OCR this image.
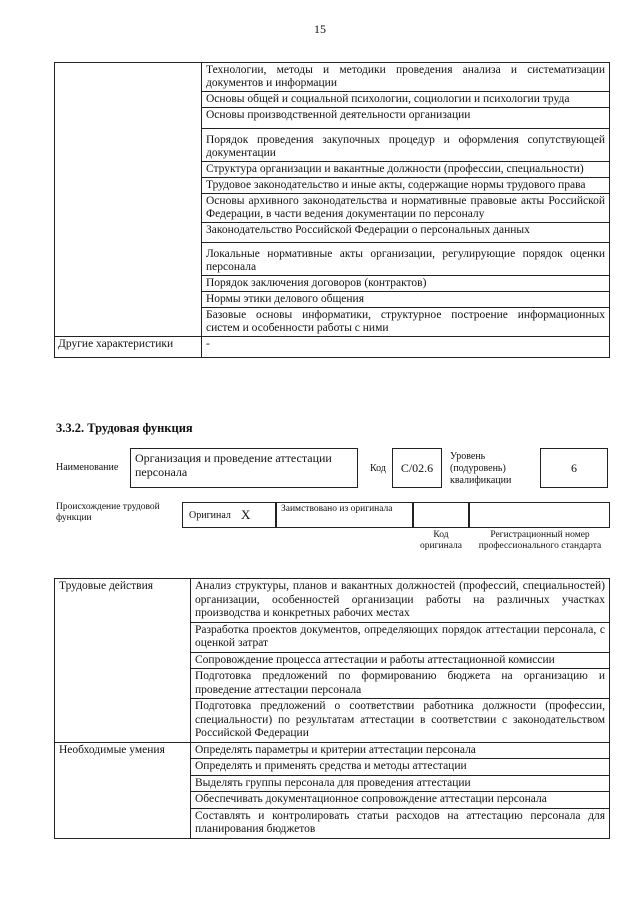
15
	Технологии, методы и методики проведения анализа и систематизации документов и информации
	Основы общей и социальной психологии, социологии и психологии труда
	Основы производственной деятельности организации
	Порядок проведения закупочных процедур и оформления сопутствующей документации
	Структура организации и вакантные должности (профессии, специальности)
	Трудовое законодательство и иные акты, содержащие нормы трудового права
	Основы архивного законодательства и нормативные правовые акты Российской Федерации, в части ведения документации по персоналу
	Законодательство Российской Федерации о персональных данных
	Локальные нормативные акты организации, регулирующие порядок оценки персонала
	Порядок заключения договоров (контрактов)
	Нормы этики делового общения
	Базовые основы информатики, структурное построение информационных систем и особенности работы с ними
Другие характеристики	-
3.3.2. Трудовая функция
Наименование
Организация и проведение аттестации персонала	Код	С/02.6
Уровень (подуровень) квалификации
6
Происхождение трудовой функции	Оригинал X	Заимствовано из оригинала
Код оригинала
Регистрационный номер профессионального стандарта
Трудовые действия	Анализ структуры, планов и вакантных должностей (профессий, специальностей) организации, особенностей организации работы на различных участках производства и конкретных рабочих местах
	Разработка проектов документов, определяющих порядок аттестации персонала, с оценкой затрат
	Сопровождение процесса аттестации и работы аттестационной комиссии
	Подготовка предложений по формированию бюджета на организацию и проведение аттестации персонала
	Подготовка предложений о соответствии работника должности (профессии, специальности) по результатам аттестации в соответствии с законодательством Российской Федерации
Необходимые умения	Определять параметры и критерии аттестации персонала
	Определять и применять средства и методы аттестации
	Выделять группы персонала для проведения аттестации
	Обеспечивать документационное сопровождение аттестации персонала
	Составлять и контролировать статьи расходов на аттестацию персонала для планирования бюджетов
